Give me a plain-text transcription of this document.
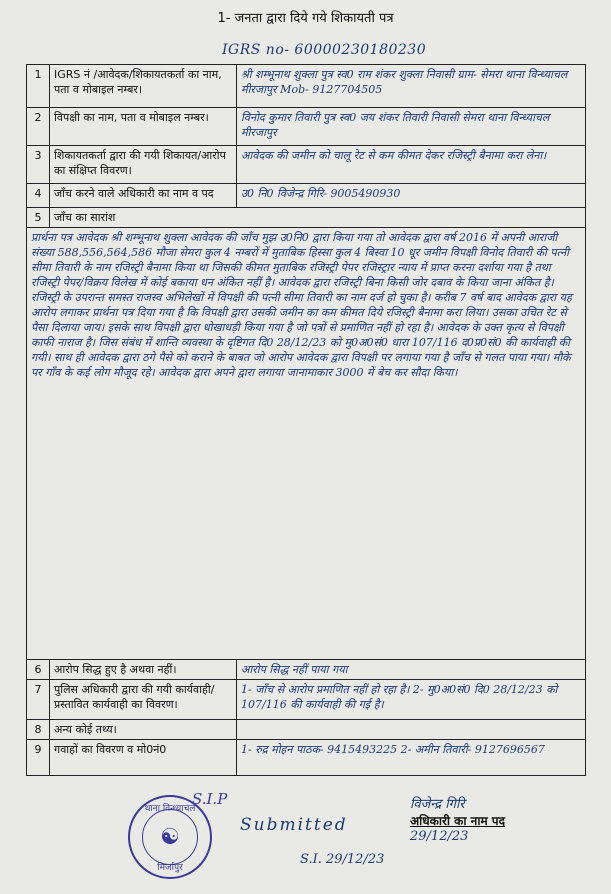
1- जनता द्वारा दिये गये शिकायती पत्र
IGRS no- 60000230180230
1	IGRS नं /आवेदक/शिकायतकर्ता का नाम, पता व मोबाइल नम्बर।	श्री शम्भूनाथ शुक्ला पुत्र स्व0 राम शंकर शुक्ला निवासी ग्राम- सेमरा थाना विन्ध्याचल मीरजापुर Mob- 9127704505
2	विपक्षी का नाम, पता व मोबाइल नम्बर।	विनोद कुमार तिवारी पुत्र स्व0 जय शंकर तिवारी निवासी सेमरा थाना विन्ध्याचल मीरजापुर
3	शिकायतकर्ता द्वारा की गयी शिकायत/आरोप का संक्षिप्त विवरण।	आवेदक की जमीन को चालू रेट से कम कीमत देकर रजिस्ट्री बैनामा करा लेना।
4	जाँच करने वाले अधिकारी का नाम व पद	उ0 नि0 विजेन्द्र गिरि- 9005490930
5	जाँच का सारांश	
प्रार्थना पत्र आवेदक श्री शम्भूनाथ शुक्ला आवेदक की जाँच मुझ उ0नि0 द्वारा किया गया तो आवेदक द्वारा वर्ष 2016 में अपनी आराजी संख्या 588,556,564,586 मौजा सेमरा कुल 4 नम्बरों में मुताबिक हिस्सा कुल 4 बिस्वा 10 धूर जमीन विपक्षी विनोद तिवारी की पत्नी सीमा तिवारी के नाम रजिस्ट्री बैनामा किया था जिसकी कीमत मुताबिक रजिस्ट्री पेपर रजिस्ट्रार न्याय में प्राप्त करना दर्शाया गया है तथा रजिस्ट्री पेपर/विक्रय विलेख में कोई बकाया धन अंकित नहीं है। आवेदक द्वारा रजिस्ट्री बिना किसी जोर दबाव के किया जाना अंकित है। रजिस्ट्री के उपरान्त समस्त राजस्व अभिलेखों में विपक्षी की पत्नी सीमा तिवारी का नाम दर्ज हो चुका है। करीब 7 वर्ष बाद आवेदक द्वारा यह आरोप लगाकर प्रार्थना पत्र दिया गया है कि विपक्षी द्वारा उसकी जमीन का कम कीमत दिये रजिस्ट्री बैनामा करा लिया। उसका उचित रेट से पैसा दिलाया जाय। इसके साथ विपक्षी द्वारा धोखाधड़ी किया गया है जो पत्रों से प्रमाणित नहीं हो रहा है। आवेदक के उक्त कृत्य से विपक्षी काफी नाराज है। जिस संबंध में शान्ति व्यवस्था के दृष्टिगत दि0 28/12/23 को मु0अ0सं0 धारा 107/116 द0प्र0सं0 की कार्यवाही की गयी। साथ ही आवेदक द्वारा ठगे पैसे को कराने के बाबत जो आरोप आवेदक द्वारा विपक्षी पर लगाया गया है जाँच से गलत पाया गया। मौके पर गाँव के कई लोग मौजूद रहे। आवेदक द्वारा अपने द्वारा लगाया जानामाकार 3000 में बेच कर सौदा किया।		
6	आरोप सिद्ध हुए है अथवा नहीं।	आरोप सिद्ध नहीं पाया गया
7	पुलिस अधिकारी द्वारा की गयी कार्यवाही/प्रस्तावित कार्यवाही का विवरण।	1- जाँच से आरोप प्रमाणित नहीं हो रहा है। 2- मु0अ0सं0 दि0 28/12/23 को 107/116 की कार्यवाही की गई है।
8	अन्य कोई तथ्य।	
9	गवाहों का विवरण व मो0नं0	1- रुद्र मोहन पाठक- 9415493225 2- अमीन तिवारी- 9127696567
विजेन्द्र गिरि
अधिकारी का नाम पद
29/12/23
थाना विन्ध्याचल
☯
मिर्जापुर
S.I.P
Submitted
S.I. 29/12/23
